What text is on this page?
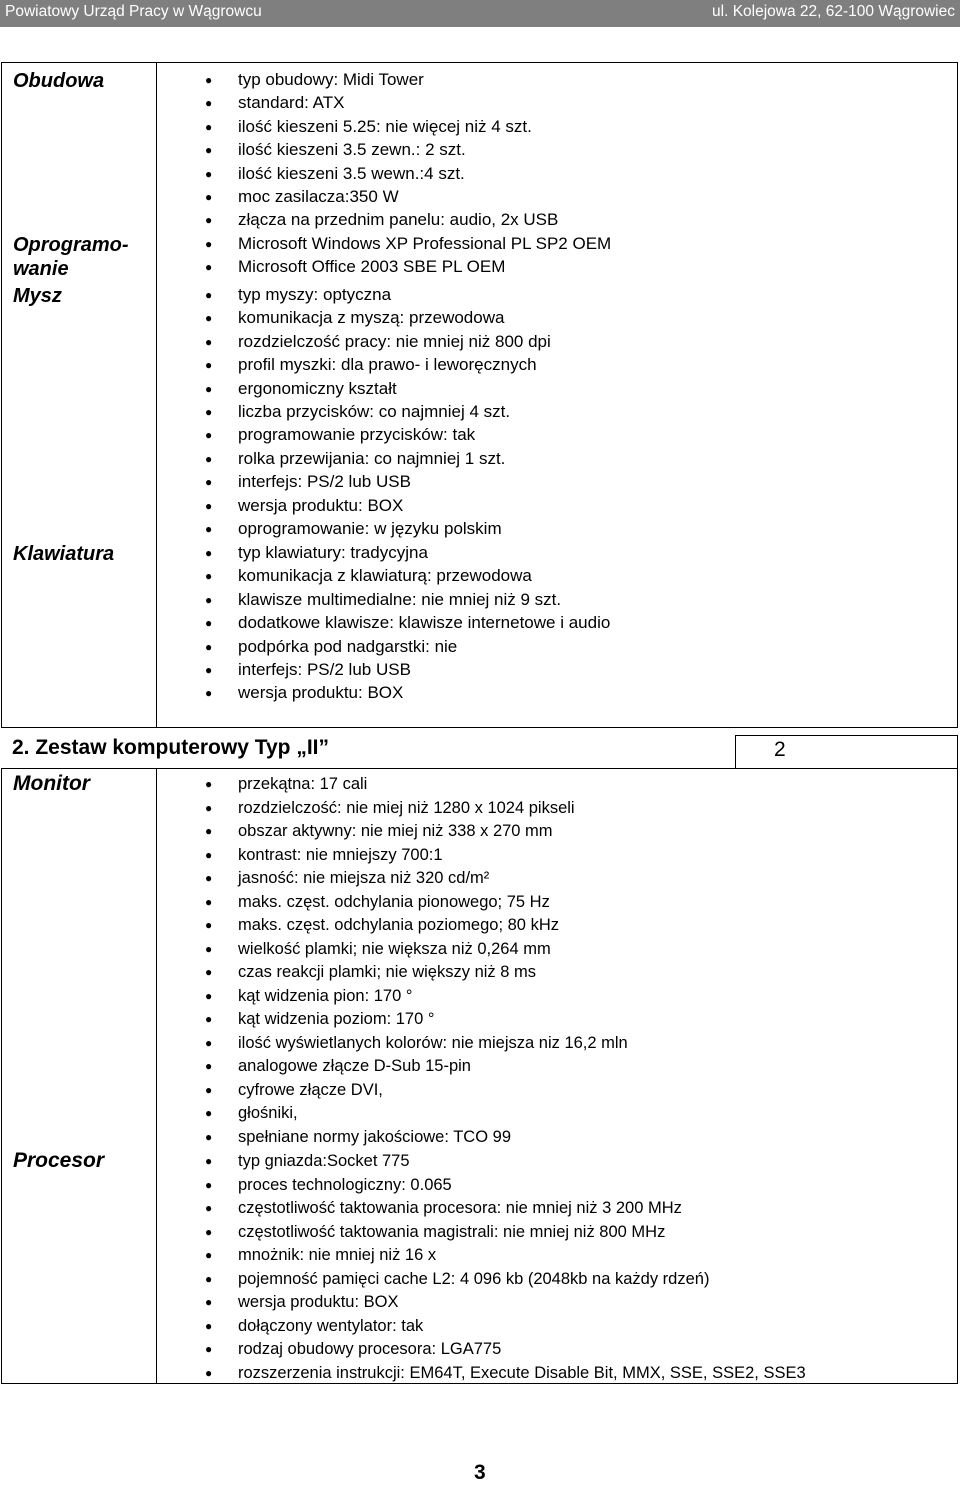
Powiatowy Urząd Pracy w Wągrowcu	ul. Kolejowa 22, 62-100 Wągrowiec
Obudowa
Oprogramo-
wanie
Mysz
Klawiatura
● typ obudowy: Midi Tower
● standard: ATX
● ilość kieszeni 5.25: nie więcej niż 4 szt.
● ilość kieszeni 3.5 zewn.: 2 szt.
● ilość kieszeni 3.5 wewn.:4 szt.
● moc zasilacza:350 W
● złącza na przednim panelu: audio, 2x USB
● Microsoft Windows XP Professional PL SP2 OEM
● Microsoft Office 2003 SBE PL OEM
● typ myszy: optyczna
● komunikacja z myszą: przewodowa
● rozdzielczość pracy: nie mniej niż 800 dpi
● profil myszki: dla prawo- i leworęcznych
● ergonomiczny kształt
● liczba przycisków: co najmniej 4 szt.
● programowanie przycisków: tak
● rolka przewijania: co najmniej 1 szt.
● interfejs: PS/2 lub USB
● wersja produktu: BOX
● oprogramowanie: w języku polskim
● typ klawiatury: tradycyjna
● komunikacja z klawiaturą: przewodowa
● klawisze multimedialne: nie mniej niż 9 szt.
● dodatkowe klawisze: klawisze internetowe i audio
● podpórka pod nadgarstki: nie
● interfejs: PS/2 lub USB
● wersja produktu: BOX
2. Zestaw komputerowy Typ „II”	2
Monitor
Procesor
● przekątna: 17 cali
● rozdzielczość: nie miej niż 1280 x 1024 pikseli
● obszar aktywny: nie miej niż 338 x 270 mm
● kontrast: nie mniejszy 700:1
● jasność: nie miejsza niż 320 cd/m²
● maks. częst. odchylania pionowego; 75 Hz
● maks. częst. odchylania poziomego; 80 kHz
● wielkość plamki; nie większa niż 0,264 mm
● czas reakcji plamki; nie większy niż 8 ms
● kąt widzenia pion: 170 °
● kąt widzenia poziom: 170 °
● ilość wyświetlanych kolorów: nie miejsza niz 16,2 mln
● analogowe złącze D-Sub 15-pin
● cyfrowe złącze DVI,
● głośniki,
● spełniane normy jakościowe: TCO 99
● typ gniazda:Socket 775
● proces technologiczny: 0.065
● częstotliwość taktowania procesora: nie mniej niż 3 200 MHz
● częstotliwość taktowania magistrali: nie mniej niż 800 MHz
● mnożnik: nie mniej niż 16 x
● pojemność pamięci cache L2: 4 096 kb (2048kb na każdy rdzeń)
● wersja produktu: BOX
● dołączony wentylator: tak
● rodzaj obudowy procesora: LGA775
● rozszerzenia instrukcji: EM64T, Execute Disable Bit, MMX, SSE, SSE2, SSE3
3
